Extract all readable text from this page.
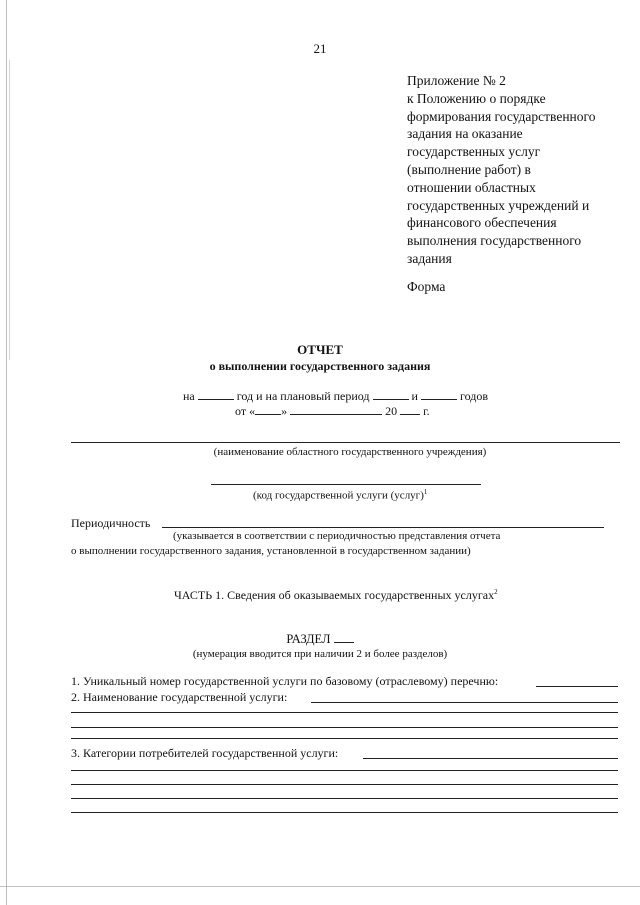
21
Приложение № 2
к Положению о порядке
формирования государственного
задания на оказание
государственных услуг
(выполнение работ) в
отношении областных
государственных учреждений и
финансового обеспечения
выполнения государственного
задания
Форма
ОТЧЕТ
о выполнении государственного задания
на	год и на плановый период	и	годов
от « »	20 г.
(наименование областного государственного учреждения)
(код государственной услуги (услуг)$^1$
Периодичность
(указывается в соответствии с периодичностью представления отчета
о выполнении государственного задания, установленной в государственном задании)
ЧАСТЬ 1. Сведения об оказываемых государственных услугах$^2$
РАЗДЕЛ
(нумерация вводится при наличии 2 и более разделов)
1. Уникальный номер государственной услуги по базовому (отраслевому) перечню:
2. Наименование государственной услуги:
3. Категории потребителей государственной услуги:
